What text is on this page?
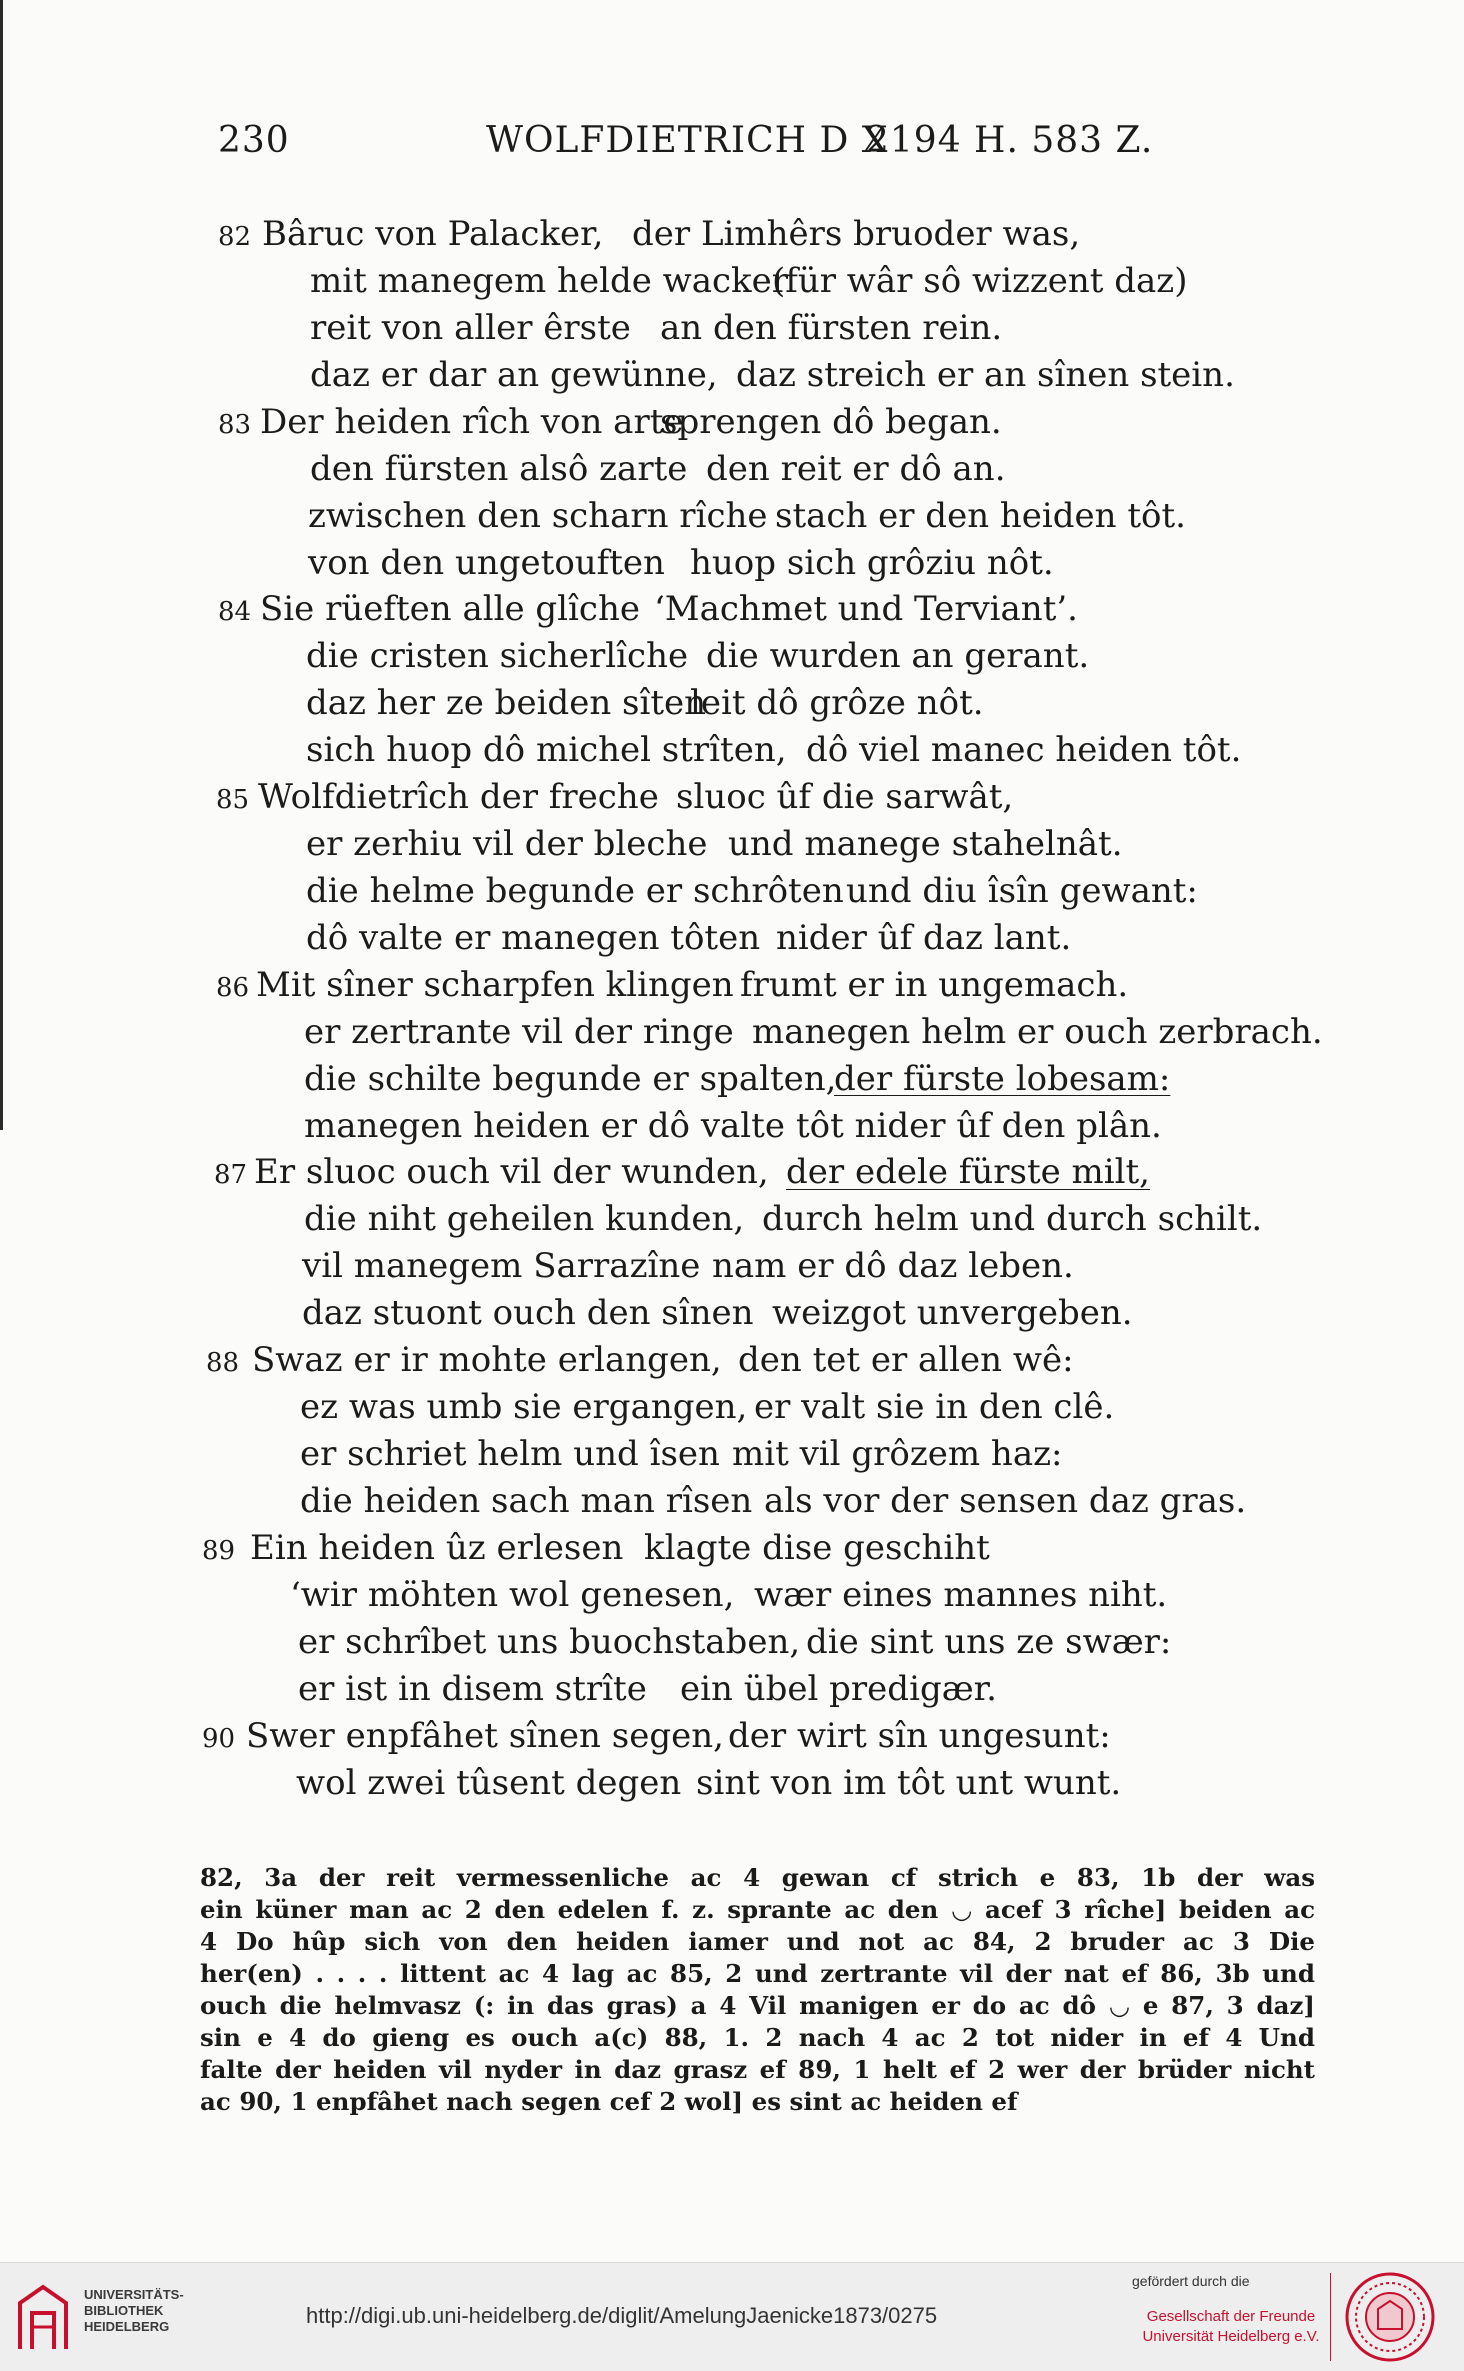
230	WOLFDIETRICH D X
2194 H. 583 Z.
82 Bâruc von Palacker, der Limhêrs bruoder was,
mit manegem helde wacker
(für wâr sô wizzent daz)
reit von aller êrste an den fürsten rein.
daz er dar an gewünne, daz streich er an sînen stein.
83 Der heiden rîch von arte
sprengen dô began.
den fürsten alsô zarte den reit er dô an.
zwischen den scharn rîche stach er den heiden tôt.
von den ungetouften huop sich grôziu nôt.
84 Sie rüeften alle glîche ‘Machmet und Terviant’.
die cristen sicherlîche die wurden an gerant.
daz her ze beiden sîten
leit dô grôze nôt.
sich huop dô michel strîten, dô viel manec heiden tôt.
85 Wolfdietrîch der freche sluoc ûf die sarwât,
er zerhiu vil der bleche und manege stahelnât.
die helme begunde er schrôten und diu îsîn gewant:
dô valte er manegen tôten nider ûf daz lant.
86 Mit sîner scharpfen klingen frumt er in ungemach.
er zertrante vil der ringe manegen helm er ouch zerbrach.
die schilte begunde er spalten,
der fürste lobesam:
manegen heiden er dô valte tôt nider ûf den plân.
87 Er sluoc ouch vil der wunden, der edele fürste milt,
die niht geheilen kunden, durch helm und durch schilt.
vil manegem Sarrazîne nam er dô daz leben.
daz stuont ouch den sînen weizgot unvergeben.
88 Swaz er ir mohte erlangen, den tet er allen wê:
ez was umb sie ergangen, er valt sie in den clê.
er schriet helm und îsen mit vil grôzem haz:
die heiden sach man rîsen als vor der sensen daz gras.
89 Ein heiden ûz erlesen klagte dise geschiht
‘wir möhten wol genesen, wær eines mannes niht.
er schrîbet uns buochstaben, die sint uns ze swær:
er ist in disem strîte ein übel predigær.
90 Swer enpfâhet sînen segen, der wirt sîn ungesunt:
wol zwei tûsent degen sint von im tôt unt wunt.
82, 3a der reit vermessenliche ac 4 gewan cf strich e 83, 1b der was
ein küner man ac 2 den edelen f. z. sprante ac den ◡ acef 3 rîche] beiden ac
4 Do hûp sich von den heiden iamer und not ac 84, 2 bruder ac 3 Die
her(en) . . . . littent ac 4 lag ac 85, 2 und zertrante vil der nat ef 86, 3b und
ouch die helmvasz (: in das gras) a 4 Vil manigen er do ac dô ◡ e 87, 3 daz]
sin e 4 do gieng es ouch a(c) 88, 1. 2 nach 4 ac 2 tot nider in ef 4 Und
falte der heiden vil nyder in daz grasz ef 89, 1 helt ef 2 wer der brüder nicht
ac 90, 1 enpfâhet nach segen cef 2 wol] es sint ac heiden ef
UNIVERSITÄTS-
BIBLIOTHEK
HEIDELBERG	http://digi.ub.uni-heidelberg.de/diglit/AmelungJaenicke1873/0275
gefördert durch die
Gesellschaft der Freunde
Universität Heidelberg e.V.
